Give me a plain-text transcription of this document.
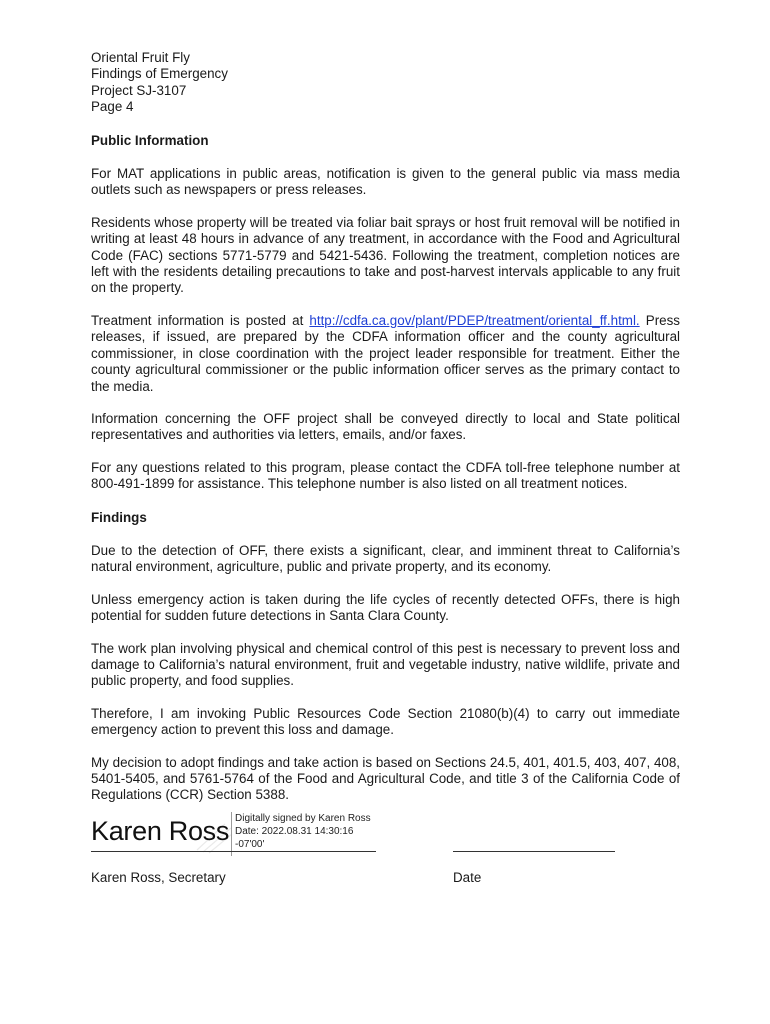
Oriental Fruit Fly
Findings of Emergency
Project SJ-3107
Page 4
Public Information
For MAT applications in public areas, notification is given to the general public via mass media outlets such as newspapers or press releases.
Residents whose property will be treated via foliar bait sprays or host fruit removal will be notified in writing at least 48 hours in advance of any treatment, in accordance with the Food and Agricultural Code (FAC) sections 5771-5779 and 5421-5436. Following the treatment, completion notices are left with the residents detailing precautions to take and post-harvest intervals applicable to any fruit on the property.
Treatment information is posted at http://cdfa.ca.gov/plant/PDEP/treatment/oriental_ff.html. Press releases, if issued, are prepared by the CDFA information officer and the county agricultural commissioner, in close coordination with the project leader responsible for treatment. Either the county agricultural commissioner or the public information officer serves as the primary contact to the media.
Information concerning the OFF project shall be conveyed directly to local and State political representatives and authorities via letters, emails, and/or faxes.
For any questions related to this program, please contact the CDFA toll-free telephone number at 800-491-1899 for assistance. This telephone number is also listed on all treatment notices.
Findings
Due to the detection of OFF, there exists a significant, clear, and imminent threat to California’s natural environment, agriculture, public and private property, and its economy.
Unless emergency action is taken during the life cycles of recently detected OFFs, there is high potential for sudden future detections in Santa Clara County.
The work plan involving physical and chemical control of this pest is necessary to prevent loss and damage to California’s natural environment, fruit and vegetable industry, native wildlife, private and public property, and food supplies.
Therefore, I am invoking Public Resources Code Section 21080(b)(4) to carry out immediate emergency action to prevent this loss and damage.
My decision to adopt findings and take action is based on Sections 24.5, 401, 401.5, 403, 407, 408, 5401-5405, and 5761-5764 of the Food and Agricultural Code, and title 3 of the California Code of Regulations (CCR) Section 5388.
Karen Ross Digitally signed by Karen Ross
Date: 2022.08.31 14:30:16
-07'00'
Karen Ross, Secretary	Date
